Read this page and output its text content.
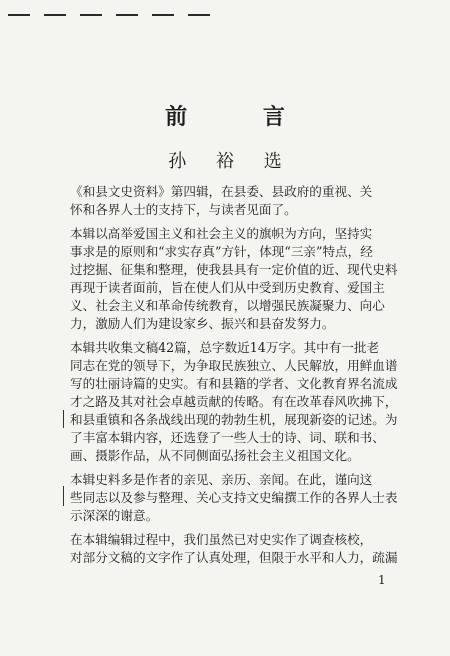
前 言
孙 裕 选
《和县文史资料》第四辑，在县委、县政府的重视、关
怀和各界人士的支持下，与读者见面了。
本辑以高举爱国主义和社会主义的旗帜为方向，坚持实
事求是的原则和“求实存真”方针，体现“三亲”特点，经
过挖掘、征集和整理，使我县具有一定价值的近、现代史料
再现于读者面前，旨在使人们从中受到历史教育、爱国主
义、社会主义和革命传统教育，以增强民族凝聚力、向心
力，激励人们为建设家乡、振兴和县奋发努力。
本辑共收集文稿42篇，总字数近14万字。其中有一批老
同志在党的领导下，为争取民族独立、人民解放，用鲜血谱
写的壮丽诗篇的史实。有和县籍的学者、文化教育界名流成
才之路及其对社会卓越贡献的传略。有在改革春风吹拂下，
和县重镇和各条战线出现的勃勃生机，展现新姿的记述。为
了丰富本辑内容，还选登了一些人士的诗、词、联和书、
画、摄影作品，从不同侧面弘扬社会主义祖国文化。
本辑史料多是作者的亲见、亲历、亲闻。在此，谨向这
些同志以及参与整理、关心支持文史编撰工作的各界人士表
示深深的谢意。
在本辑编辑过程中，我们虽然已对史实作了调查核校，
对部分文稿的文字作了认真处理，但限于水平和人力，疏漏
1
